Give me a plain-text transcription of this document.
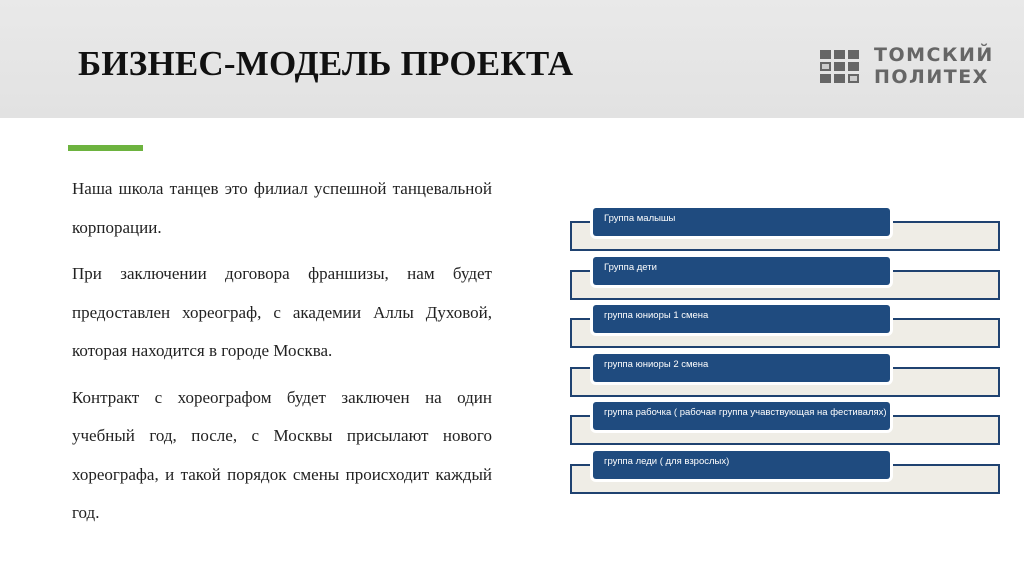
БИЗНЕС-МОДЕЛЬ ПРОЕКТА	ТОМСКИЙ
ПОЛИТЕХ

Наша школа танцев это филиал успешной танцевальной корпорации.

При заключении договора франшизы, нам будет предоставлен хореограф, с академии Аллы Духовой, которая находится в городе Москва.

Контракт с хореографом будет заключен на один учебный год, после, с Москвы присылают нового хореографа, и такой порядок смены происходит каждый год.

Группа малышы
Группа дети
группа юниоры 1 смена
группа юниоры 2 смена
группа рабочка ( рабочая группа учавствующая на фестивалях)
группа леди ( для взрослых)
